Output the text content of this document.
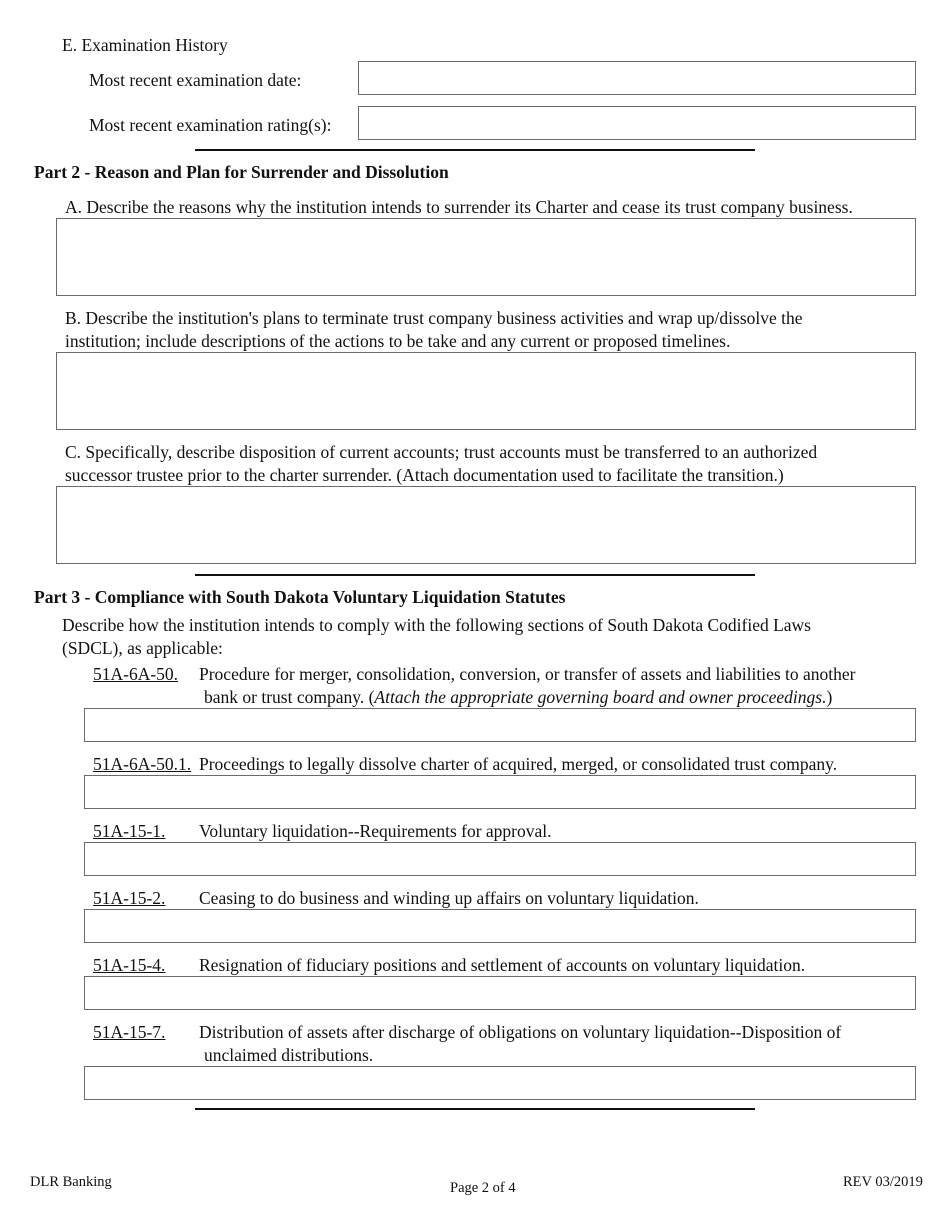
E. Examination History
Most recent examination date:
Most recent examination rating(s):
Part 2 - Reason and Plan for Surrender and Dissolution
A. Describe the reasons why the institution intends to surrender its Charter and cease its trust company business.
B. Describe the institution's plans to terminate trust company business activities and wrap up/dissolve the
institution; include descriptions of the actions to be take and any current or proposed timelines.
C. Specifically, describe disposition of current accounts; trust accounts must be transferred to an authorized
successor trustee prior to the charter surrender. (Attach documentation used to facilitate the transition.)
Part 3 - Compliance with South Dakota Voluntary Liquidation Statutes
Describe how the institution intends to comply with the following sections of South Dakota Codified Laws
(SDCL), as applicable:
51A-6A-50. Procedure for merger, consolidation, conversion, or transfer of assets and liabilities to another
bank or trust company. (Attach the appropriate governing board and owner proceedings.)
51A-6A-50.1. Proceedings to legally dissolve charter of acquired, merged, or consolidated trust company.
51A-15-1. Voluntary liquidation--Requirements for approval.
51A-15-2. Ceasing to do business and winding up affairs on voluntary liquidation.
51A-15-4. Resignation of fiduciary positions and settlement of accounts on voluntary liquidation.
51A-15-7. Distribution of assets after discharge of obligations on voluntary liquidation--Disposition of
unclaimed distributions.
DLR Banking	Page 2 of 4	REV 03/2019
